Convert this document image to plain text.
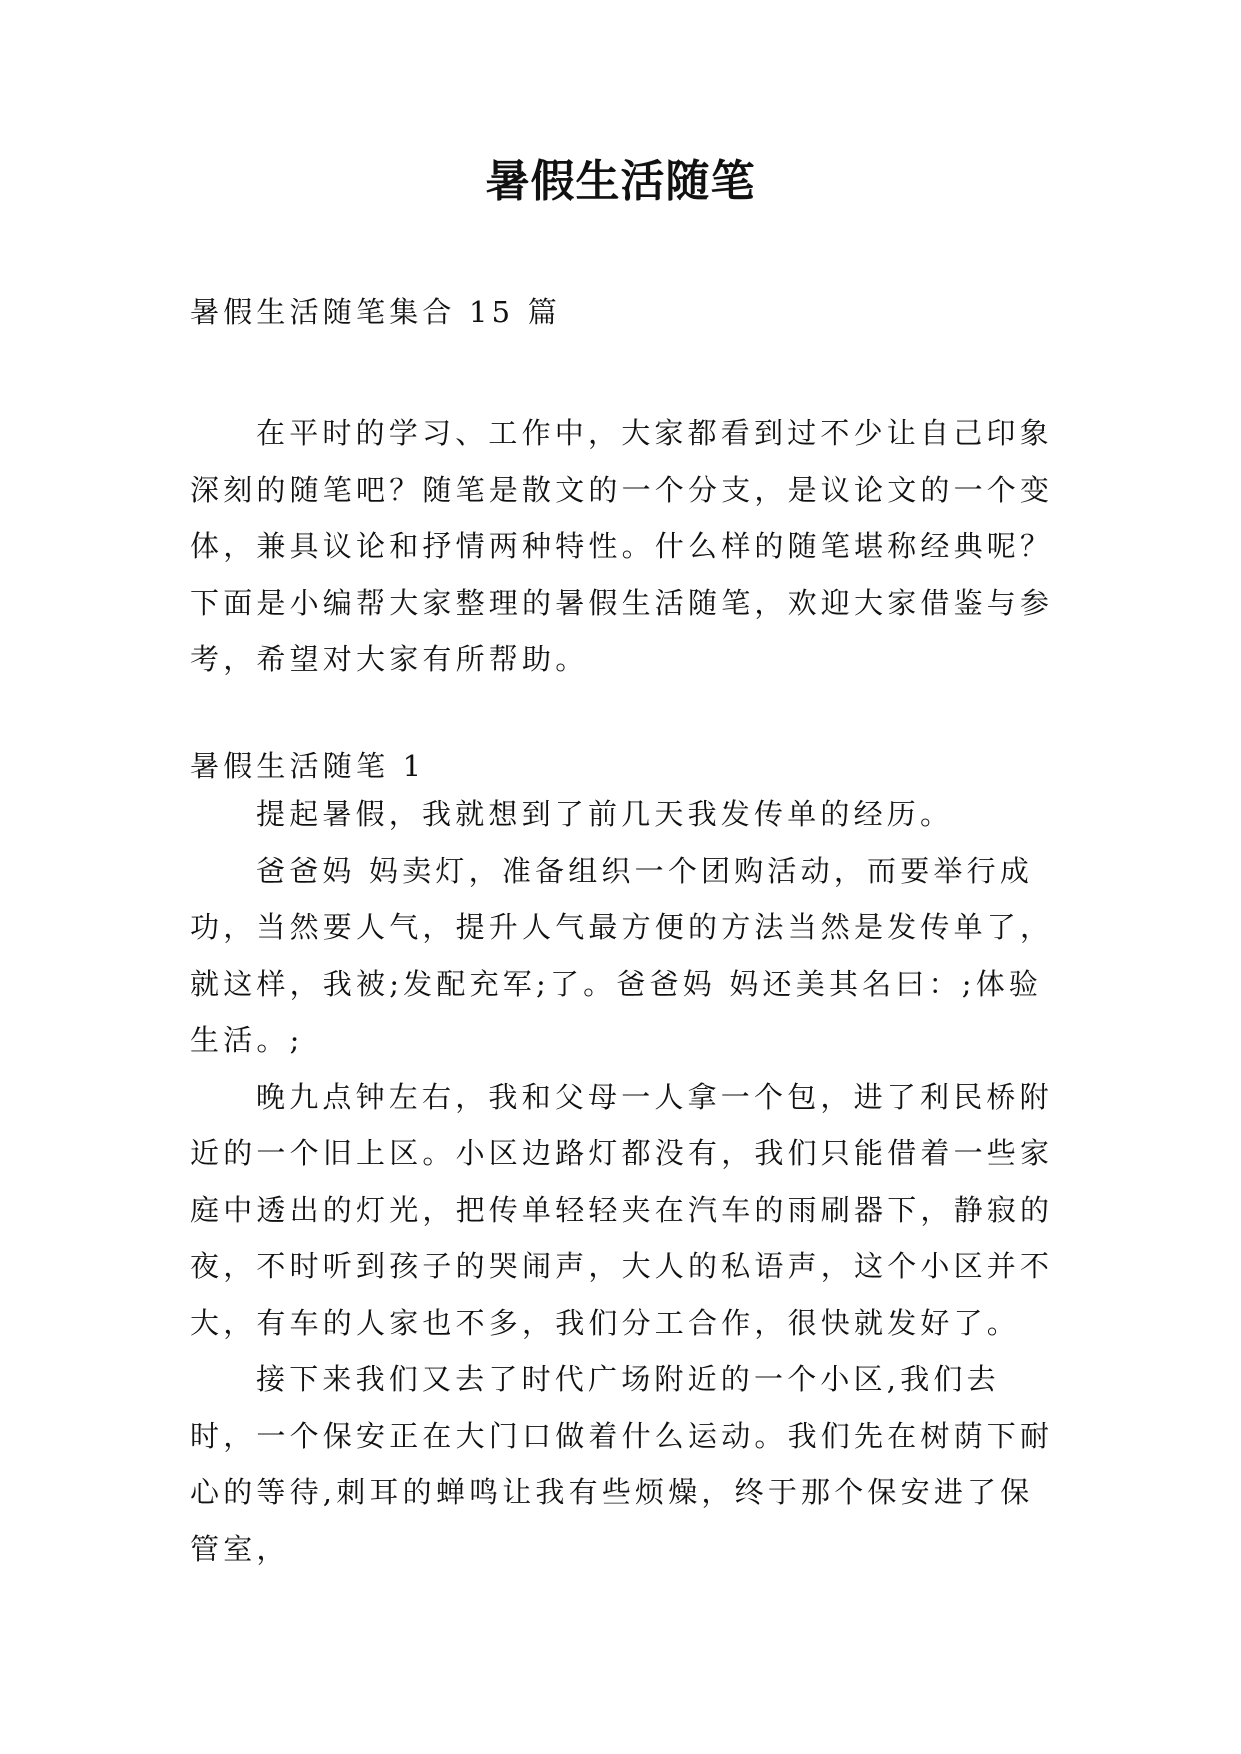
暑假生活随笔
暑假生活随笔集合 15 篇

在平时的学习、工作中，大家都看到过不少让自己印象深刻的随笔吧？随笔是散文的一个分支，是议论文的一个变体，兼具议论和抒情两种特性。什么样的随笔堪称经典呢？下面是小编帮大家整理的暑假生活随笔，欢迎大家借鉴与参考，希望对大家有所帮助。

暑假生活随笔 1

提起暑假，我就想到了前几天我发传单的经历。

爸爸妈 妈卖灯，准备组织一个团购活动，而要举行成功，当然要人气，提升人气最方便的方法当然是发传单了，就这样，我被;发配充军;了。爸爸妈 妈还美其名曰：;体验生活。;

晚九点钟左右，我和父母一人拿一个包，进了利民桥附近的一个旧上区。小区边路灯都没有，我们只能借着一些家庭中透出的灯光，把传单轻轻夹在汽车的雨刷器下，静寂的夜，不时听到孩子的哭闹声，大人的私语声，这个小区并不大，有车的人家也不多，我们分工合作，很快就发好了。

接下来我们又去了时代广场附近的一个小区,我们去时，一个保安正在大门口做着什么运动。我们先在树荫下耐心的等待,刺耳的蝉鸣让我有些烦燥，终于那个保安进了保管室，
